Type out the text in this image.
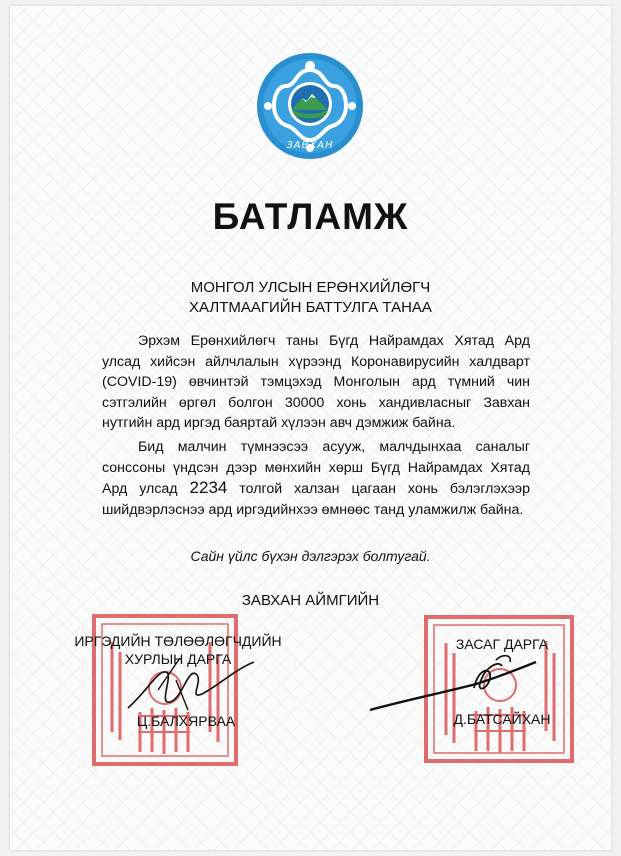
ЗАВХАН
БАТЛАМЖ
МОНГОЛ УЛСЫН ЕРӨНХИЙЛӨГЧ
ХАЛТМААГИЙН БАТТУЛГА ТАНАА
Эрхэм Ерөнхийлөгч таны Бүгд Найрамдах Хятад Ард улсад хийсэн айлчлалын хүрээнд Коронавирусийн халдварт (COVID-19) өвчинтэй тэмцэхэд Монголын ард түмний чин сэтгэлийн өргөл болгон 30000 хонь хандивласныг Завхан нутгийн ард иргэд баяртай хүлээн авч дэмжиж байна.
Бид малчин түмнээсээ асууж, малчдынхаа саналыг сонссоны үндсэн дээр мөнхийн хөрш Бүгд Найрамдах Хятад Ард улсад 2234 толгой халзан цагаан хонь бэлэглэхээр шийдвэрлэснээ ард иргэдийнхээ өмнөөс танд уламжилж байна.
Сайн үйлс бүхэн дэлгэрэх болтугай.
ЗАВХАН АЙМГИЙН
ИРГЭДИЙН ТӨЛӨӨЛӨГЧДИЙН
ХУРЛЫН ДАРГА
Ц.БАЛХЯРВАА
ЗАСАГ ДАРГА
Д.БАТСАЙХАН
